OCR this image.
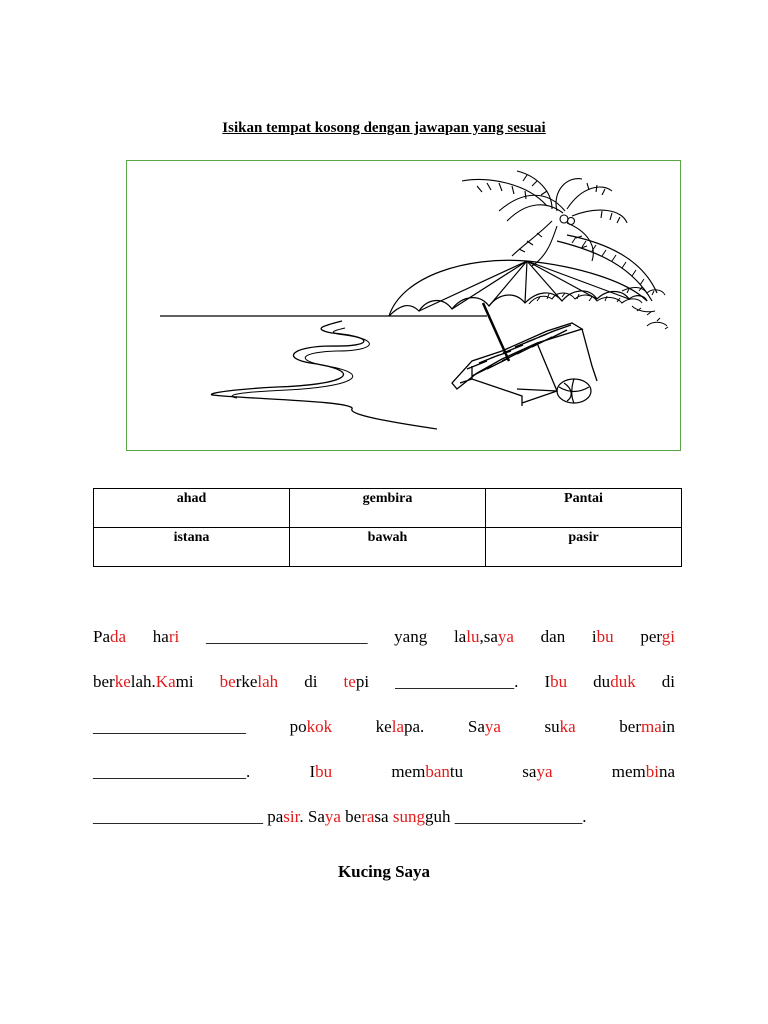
Isikan tempat kosong dengan jawapan yang sesuai
ahad	gembira	Pantai
istana	bawah	pasir
Pada hari ___________________ yang lalu,saya dan ibu pergi
berkelah.Kami berkelah di tepi ______________. Ibu duduk di
__________________ pokok kelapa. Saya suka bermain
__________________. Ibu membantu saya membina
____________________ pasir. Saya berasa sungguh _______________.
Kucing Saya
